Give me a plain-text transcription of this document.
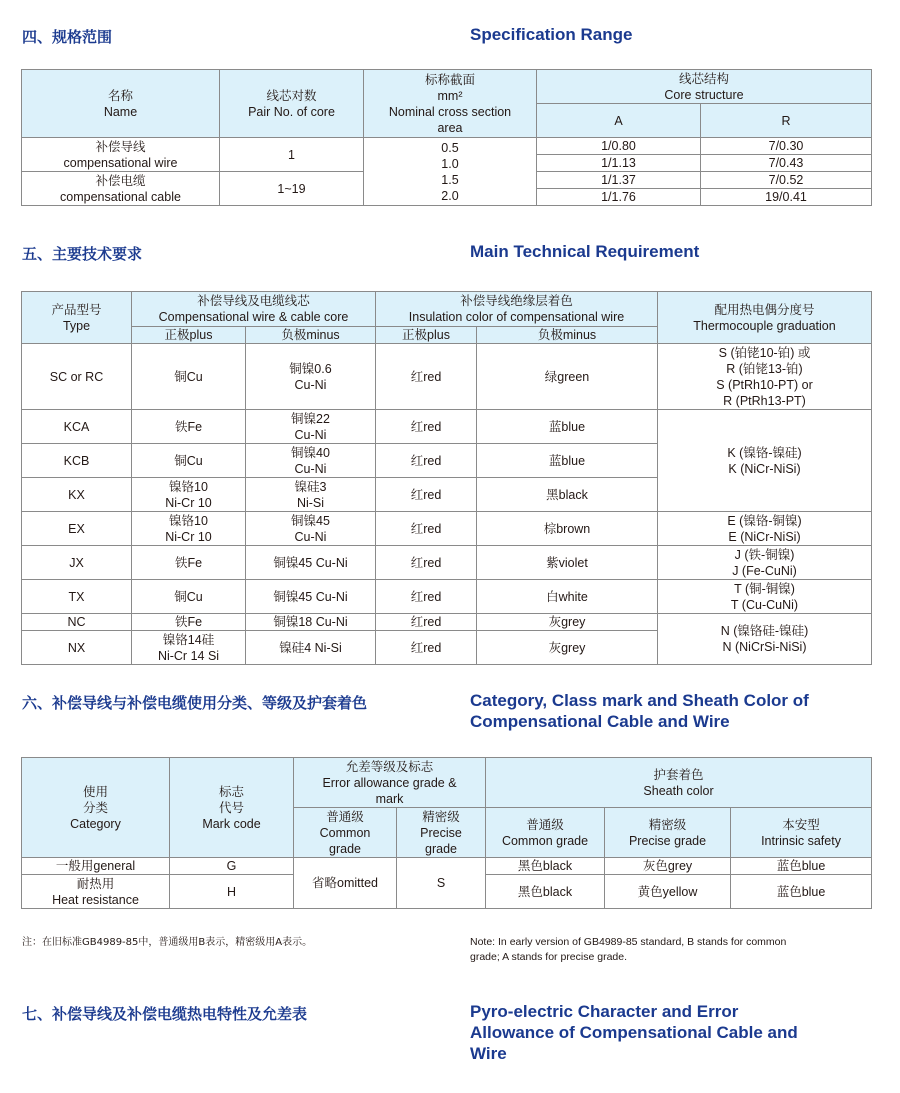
四、规格范围	Specification Range
名称
Name	线芯对数
Pair No. of core	标称截面
mm²
Nominal cross section
area	线芯结构
Core structure	
			A	R
补偿导线
compensational wire	1	0.5
1.0
1.5
2.0	1/0.80	7/0.30
			1/1.13	7/0.43
补偿电缆
compensational cable	1~19		1/1.37	7/0.52
			1/1.76	19/0.41
五、主要技术要求	Main Technical Requirement
产品型号
Type	补偿导线及电缆线芯
Compensational wire & cable core		补偿导线绝缘层着色
Insulation color of compensational wire		配用热电偶分度号
Thermocouple graduation
	正极plus	负极minus	正极plus	负极minus	
SC or RC	铜Cu	铜镍0.6
Cu-Ni	红red	绿green	S (铂铑10-铂) 或
R (铂铑13-铂)
S (PtRh10-PT) or
R (PtRh13-PT)
KCA	铁Fe	铜镍22
Cu-Ni	红red	蓝blue	K (镍铬-镍硅)
K (NiCr-NiSi)
KCB	铜Cu	铜镍40
Cu-Ni	红red	蓝blue	
KX	镍铬10
Ni-Cr 10	镍硅3
Ni-Si	红red	黑black	
EX	镍铬10
Ni-Cr 10	铜镍45
Cu-Ni	红red	棕brown	E (镍铬-铜镍)
E (NiCr-NiSi)
JX	铁Fe	铜镍45 Cu-Ni	红red	紫violet	J (铁-铜镍)
J (Fe-CuNi)
TX	铜Cu	铜镍45 Cu-Ni	红red	白white	T (铜-铜镍)
T (Cu-CuNi)
NC	铁Fe	铜镍18 Cu-Ni	红red	灰grey	N (镍铬硅-镍硅)
N (NiCrSi-NiSi)
NX	镍铬14硅
Ni-Cr 14 Si	镍硅4 Ni-Si	红red	灰grey	
六、补偿导线与补偿电缆使用分类、等级及护套着色	Category, Class mark and Sheath Color of
Compensational Cable and Wire
使用
分类
Category	标志
代号
Mark code	允差等级及标志
Error allowance grade &
mark		护套着色
Sheath color		
		普通级
Common
grade	精密级
Precise
grade	普通级
Common grade	精密级
Precise grade	本安型
Intrinsic safety
一般用general	G	省略omitted	S	黑色black	灰色grey	蓝色blue
耐热用
Heat resistance	H			黑色black	黄色yellow	蓝色blue
注：在旧标准GB4989-85中，普通级用B表示，精密级用A表示。	Note: In early version of GB4989-85 standard, B stands for common
grade; A stands for precise grade.
七、补偿导线及补偿电缆热电特性及允差表	Pyro-electric Character and Error
Allowance of Compensational Cable and
Wire
